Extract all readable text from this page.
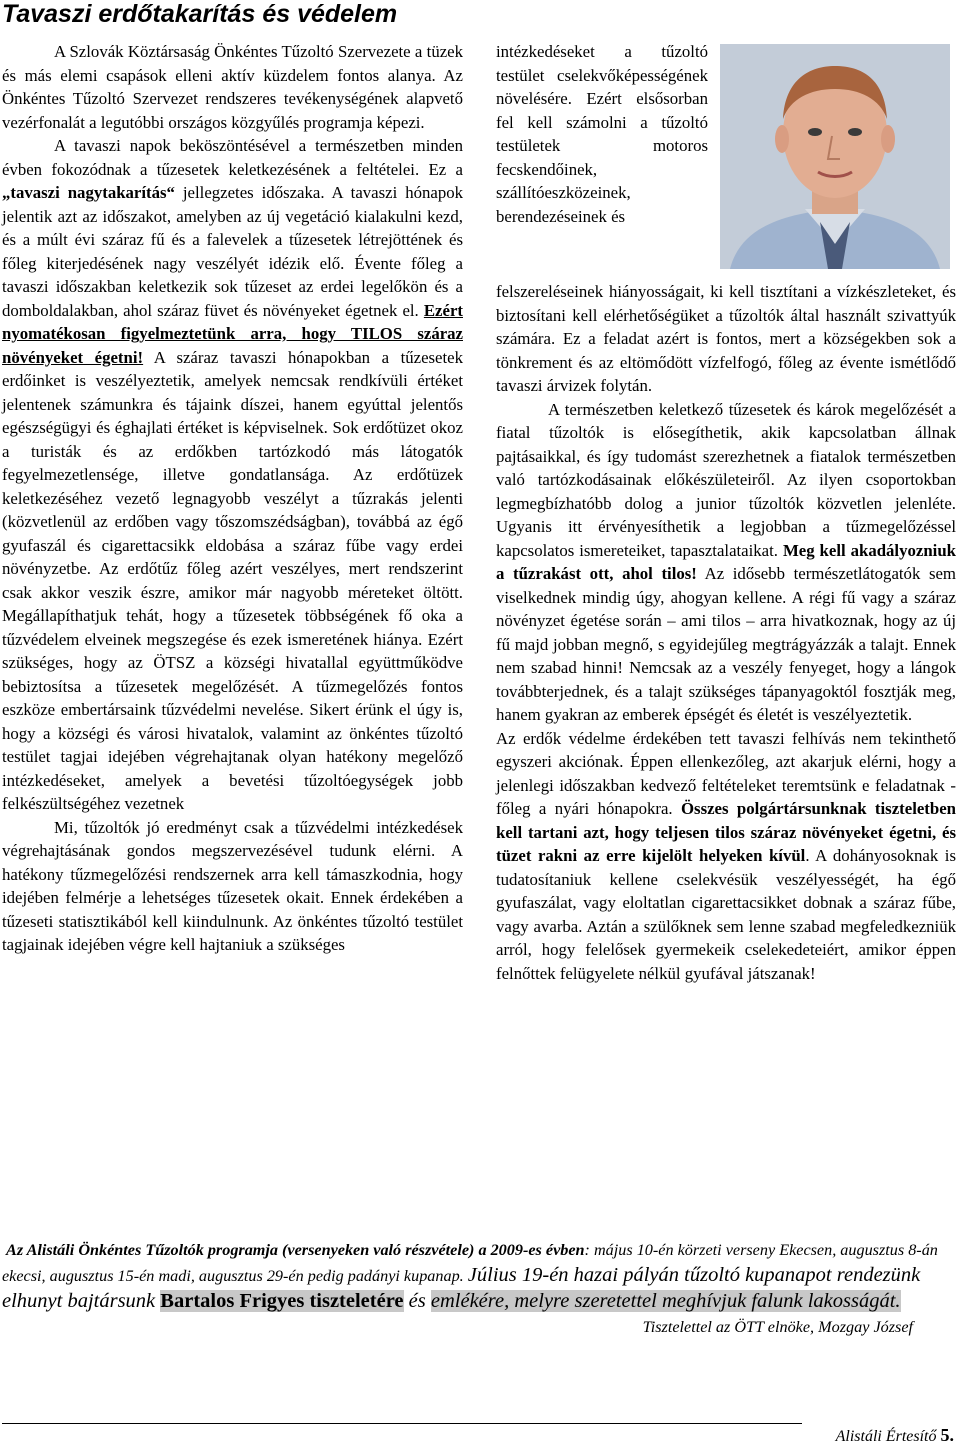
Tavaszi erdőtakarítás és védelem

A Szlovák Köztársaság Önkéntes Tűzoltó Szervezete a tüzek és más elemi csapások elleni aktív küzdelem fontos alanya. Az Önkéntes Tűzoltó Szervezet rendszeres tevékenységének alapvető vezérfonalát a legutóbbi országos közgyűlés programja képezi.

A tavaszi napok beköszöntésével a természetben minden évben fokozódnak a tűzesetek keletkezésének a feltételei. Ez a „tavaszi nagytakarítás“ jellegzetes időszaka. A tavaszi hónapok jelentik azt az időszakot, amelyben az új vegetáció kialakulni kezd, és a múlt évi száraz fű és a falevelek a tűzesetek létrejöttének és főleg kiterjedésének nagy veszélyét idézik elő. Évente főleg a tavaszi időszakban keletkezik sok tűzeset az erdei legelőkön és a domboldalakban, ahol száraz füvet és növényeket égetnek el. Ezért nyomatékosan figyelmeztetünk arra, hogy TILOS száraz növényeket égetni! A száraz tavaszi hónapokban a tűzesetek erdőinket is veszélyeztetik, amelyek nemcsak rendkívüli értéket jelentenek számunkra és tájaink díszei, hanem egyúttal jelentős egészségügyi és éghajlati értéket is képviselnek. Sok erdőtüzet okoz a turisták és az erdőkben tartózkodó más látogatók fegyelmezetlensége, illetve gondatlansága. Az erdőtüzek keletkezéséhez vezető legnagyobb veszélyt a tűzrakás jelenti (közvetlenül az erdőben vagy tőszomszédságban), továbbá az égő gyufaszál és cigarettacsikk eldobása a száraz fűbe vagy erdei növényzetbe. Az erdőtűz főleg azért veszélyes, mert rendszerint csak akkor veszik észre, amikor már nagyobb méreteket öltött. Megállapíthatjuk tehát, hogy a tűzesetek többségének fő oka a tűzvédelem elveinek megszegése és ezek ismeretének hiánya. Ezért szükséges, hogy az ÖTSZ a községi hivatallal együttműködve bebiztosítsa a tűzesetek megelőzését. A tűzmegelőzés fontos eszköze embertársaink tűzvédelmi nevelése. Sikert érünk el úgy is, hogy a községi és városi hivatalok, valamint az önkéntes tűzoltó testület tagjai idejében végrehajtanak olyan hatékony megelőző intézkedéseket, amelyek a bevetési tűzoltóegységek jobb felkészültségéhez vezetnek

Mi, tűzoltók jó eredményt csak a tűzvédelmi intézkedések végrehajtásának gondos megszervezésével tudunk elérni. A hatékony tűzmegelőzési rendszernek arra kell támaszkodnia, hogy idejében felmérje a lehetséges tűzesetek okait. Ennek érdekében a tűzeseti statisztikából kell kiindulnunk. Az önkéntes tűzoltó testület tagjainak idejében végre kell hajtaniuk a szükséges

intézkedéseket a tűzoltó testület cselekvőképességének növelésére. Ezért elsősorban fel kell számolni a tűzoltó testületek motoros fecskendőinek, szállítóeszközeinek, berendezéseinek és

felszereléseinek hiányosságait, ki kell tisztítani a vízkészleteket, és biztosítani kell elérhetőségüket a tűzoltók által használt szivattyúk számára. Ez a feladat azért is fontos, mert a községekben sok a tönkrement és az eltömődött vízfelfogó, főleg az évente ismétlődő tavaszi árvizek folytán.

A természetben keletkező tűzesetek és károk megelőzését a fiatal tűzoltók is elősegíthetik, akik kapcsolatban állnak pajtásaikkal, és így tudomást szerezhetnek a fiatalok természetben való tartózkodásainak előkészületeiről. Az ilyen csoportokban legmegbízhatóbb dolog a junior tűzoltók közvetlen jelenléte. Ugyanis itt érvényesíthetik a legjobban a tűzmegelőzéssel kapcsolatos ismereteiket, tapasztalataikat. Meg kell akadályozniuk a tűzrakást ott, ahol tilos! Az idősebb természetlátogatók sem viselkednek mindig úgy, ahogyan kellene. A régi fű vagy a száraz növényzet égetése során – ami tilos – arra hivatkoznak, hogy az új fű majd jobban megnő, s egyidejűleg megtrágyázzák a talajt. Ennek nem szabad hinni! Nemcsak az a veszély fenyeget, hogy a lángok továbbterjednek, és a talajt szükséges tápanyagoktól fosztják meg, hanem gyakran az emberek épségét és életét is veszélyeztetik.

Az erdők védelme érdekében tett tavaszi felhívás nem tekinthető egyszeri akciónak. Éppen ellenkezőleg, azt akarjuk elérni, hogy a jelenlegi időszakban kedvező feltételeket teremtsünk e feladatnak - főleg a nyári hónapokra. Összes polgártársunknak tiszteletben kell tartani azt, hogy teljesen tilos száraz növényeket égetni, és tüzet rakni az erre kijelölt helyeken kívül. A dohányosoknak is tudatosítaniuk kellene cselekvésük veszélyességét, ha égő gyufaszálat, vagy eloltatlan cigarettacsikket dobnak a száraz fűbe, vagy avarba. Aztán a szülőknek sem lenne szabad megfeledkezniük arról, hogy felelősek gyermekeik cselekedeteiért, amikor éppen felnőttek felügyelete nélkül gyufával játszanak!

Az Alistáli Önkéntes Tűzoltók programja (versenyeken való részvétele) a 2009-es évben: május 10-én körzeti verseny Ekecsen, augusztus 8-án ekecsi, augusztus 15-én madi, augusztus 29-én pedig padányi kupanap. Július 19-én hazai pályán tűzoltó kupanapot rendezünk elhunyt bajtársunk Bartalos Frigyes tiszteletére és emlékére, melyre szeretettel meghívjuk falunk lakosságát.

Tisztelettel az ÖTT elnöke, Mozgay József

Alistáli Értesítő 5.
